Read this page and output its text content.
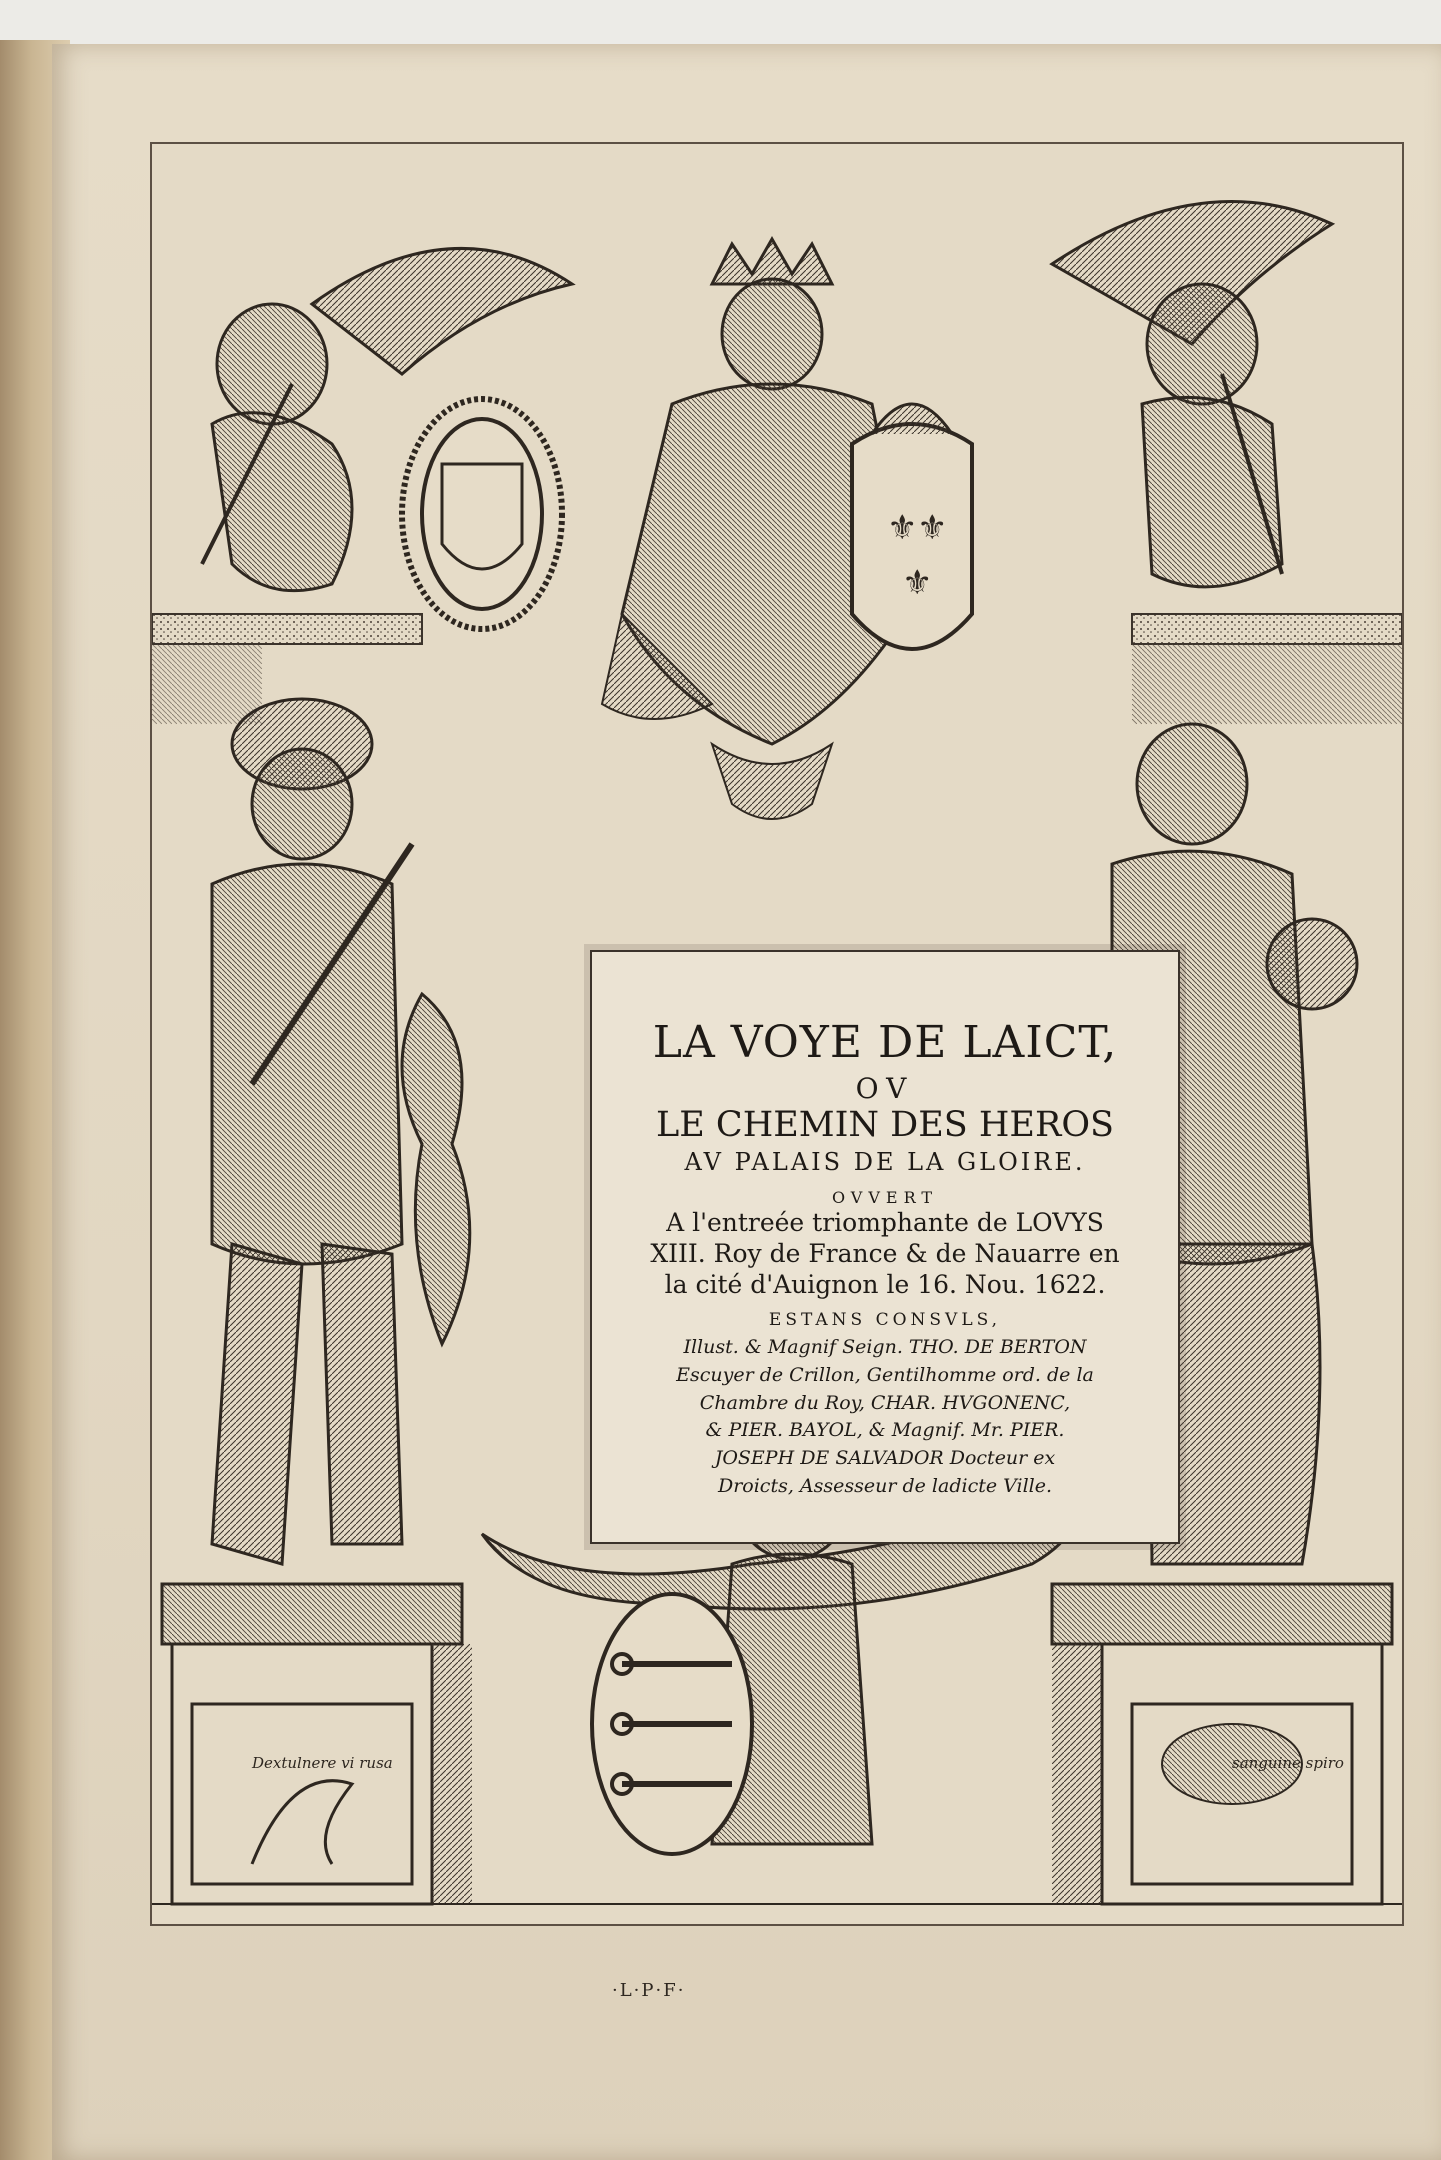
⚜ ⚜
⚜
Dextulnere vi rusa	sanguine spiro
LA VOYE DE LAICT,
OV
LE CHEMIN DES HEROS
AV PALAIS DE LA GLOIRE.
OVVERT
A l'entreée triomphante de LOVYS
XIII. Roy de France & de Nauarre en
la cité d'Auignon le 16. Nou. 1622.
ESTANS CONSVLS,
Illust. & Magnif Seign. THO. DE BERTON
Escuyer de Crillon, Gentilhomme ord. de la
Chambre du Roy, CHAR. HVGONENC,
& PIER. BAYOL, & Magnif. Mr. PIER.
JOSEPH DE SALVADOR Docteur ex
Droicts, Assesseur de ladicte Ville.
·L·P·F·
